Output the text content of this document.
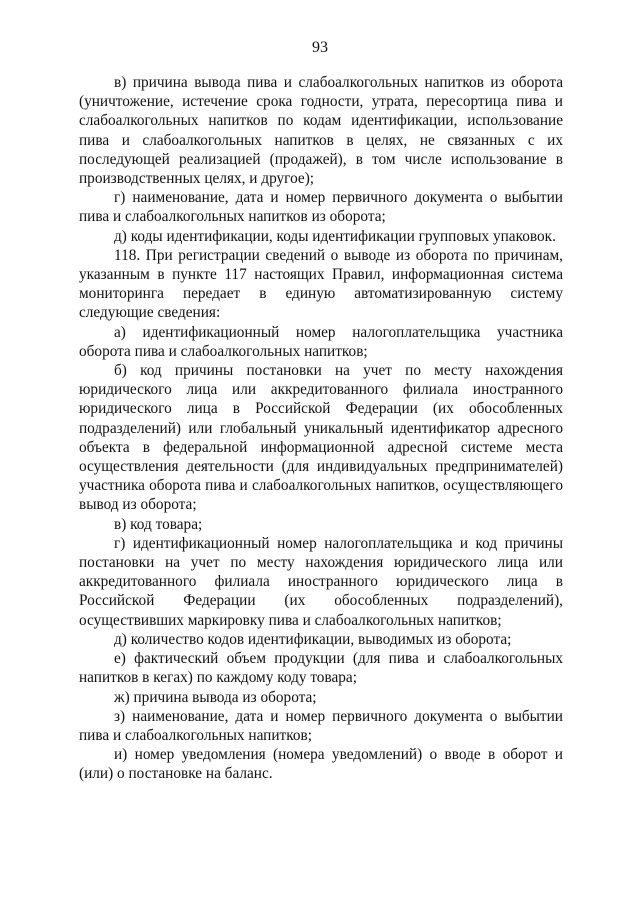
93

в) причина вывода пива и слабоалкогольных напитков из оборота (уничтожение, истечение срока годности, утрата, пересортица пива и слабоалкогольных напитков по кодам идентификации, использование пива и слабоалкогольных напитков в целях, не связанных с их последующей реализацией (продажей), в том числе использование в производственных целях, и другое);

г) наименование, дата и номер первичного документа о выбытии пива и слабоалкогольных напитков из оборота;

д) коды идентификации, коды идентификации групповых упаковок.

118. При регистрации сведений о выводе из оборота по причинам, указанным в пункте 117 настоящих Правил, информационная система мониторинга передает в единую автоматизированную систему следующие сведения:

а) идентификационный номер налогоплательщика участника оборота пива и слабоалкогольных напитков;

б) код причины постановки на учет по месту нахождения юридического лица или аккредитованного филиала иностранного юридического лица в Российской Федерации (их обособленных подразделений) или глобальный уникальный идентификатор адресного объекта в федеральной информационной адресной системе места осуществления деятельности (для индивидуальных предпринимателей) участника оборота пива и слабоалкогольных напитков, осуществляющего вывод из оборота;

в) код товара;

г) идентификационный номер налогоплательщика и код причины постановки на учет по месту нахождения юридического лица или аккредитованного филиала иностранного юридического лица в Российской Федерации (их обособленных подразделений), осуществивших маркировку пива и слабоалкогольных напитков;

д) количество кодов идентификации, выводимых из оборота;

е) фактический объем продукции (для пива и слабоалкогольных напитков в кегах) по каждому коду товара;

ж) причина вывода из оборота;

з) наименование, дата и номер первичного документа о выбытии пива и слабоалкогольных напитков;

и) номер уведомления (номера уведомлений) о вводе в оборот и (или) о постановке на баланс.
